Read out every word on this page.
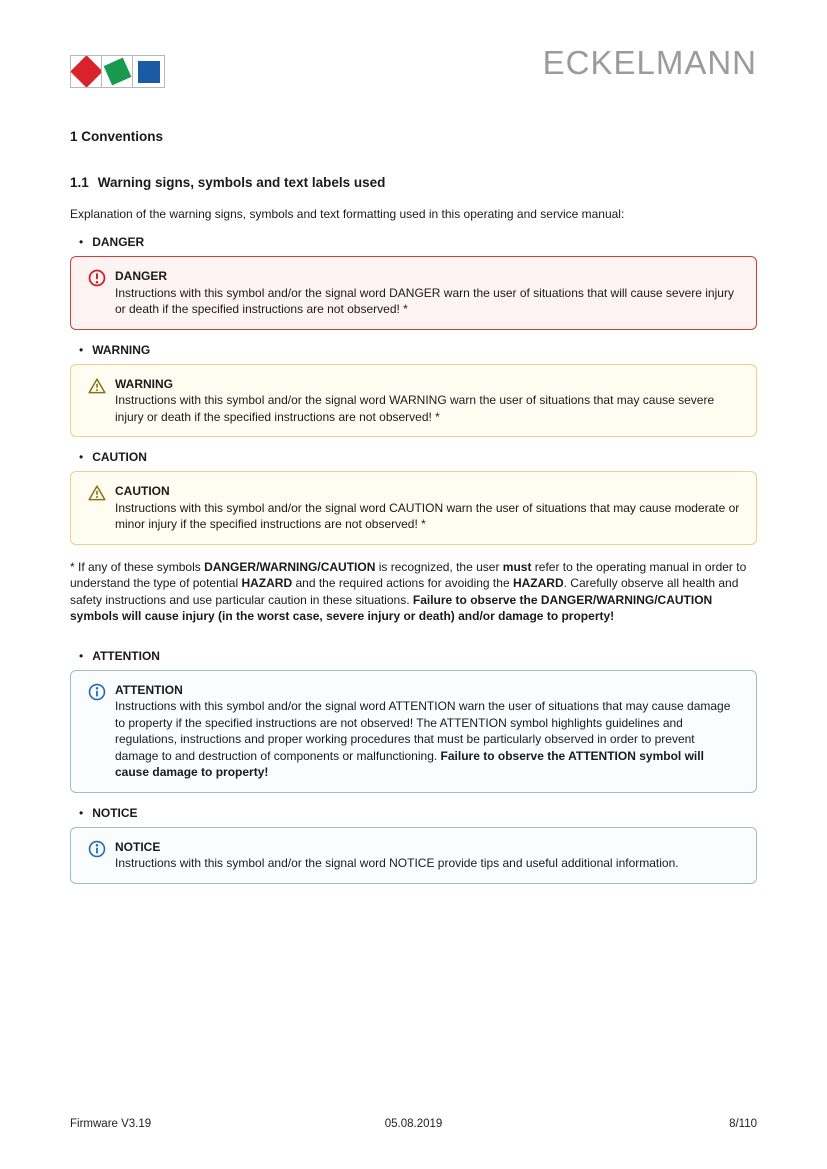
ECKELMANN
1 Conventions
1.1 Warning signs, symbols and text labels used

Explanation of the warning signs, symbols and text formatting used in this operating and service manual:

• DANGER
DANGER
Instructions with this symbol and/or the signal word DANGER warn the user of situations that will cause severe injury or death if the specified instructions are not observed! *
• WARNING
WARNING
Instructions with this symbol and/or the signal word WARNING warn the user of situations that may cause severe injury or death if the specified instructions are not observed! *
• CAUTION
CAUTION
Instructions with this symbol and/or the signal word CAUTION warn the user of situations that may cause moderate or minor injury if the specified instructions are not observed! *

* If any of these symbols DANGER/WARNING/CAUTION is recognized, the user must refer to the operating manual in order to understand the type of potential HAZARD and the required actions for avoiding the HAZARD. Carefully observe all health and safety instructions and use particular caution in these situations. Failure to observe the DANGER/WARNING/CAUTION symbols will cause injury (in the worst case, severe injury or death) and/or damage to property!

• ATTENTION
ATTENTION
Instructions with this symbol and/or the signal word ATTENTION warn the user of situations that may cause damage to property if the specified instructions are not observed! The ATTENTION symbol highlights guidelines and regulations, instructions and proper working procedures that must be particularly observed in order to prevent damage to and destruction of components or malfunctioning. Failure to observe the ATTENTION symbol will cause damage to property!
• NOTICE
NOTICE
Instructions with this symbol and/or the signal word NOTICE provide tips and useful additional information.
Firmware V3.19	05.08.2019	8/110
